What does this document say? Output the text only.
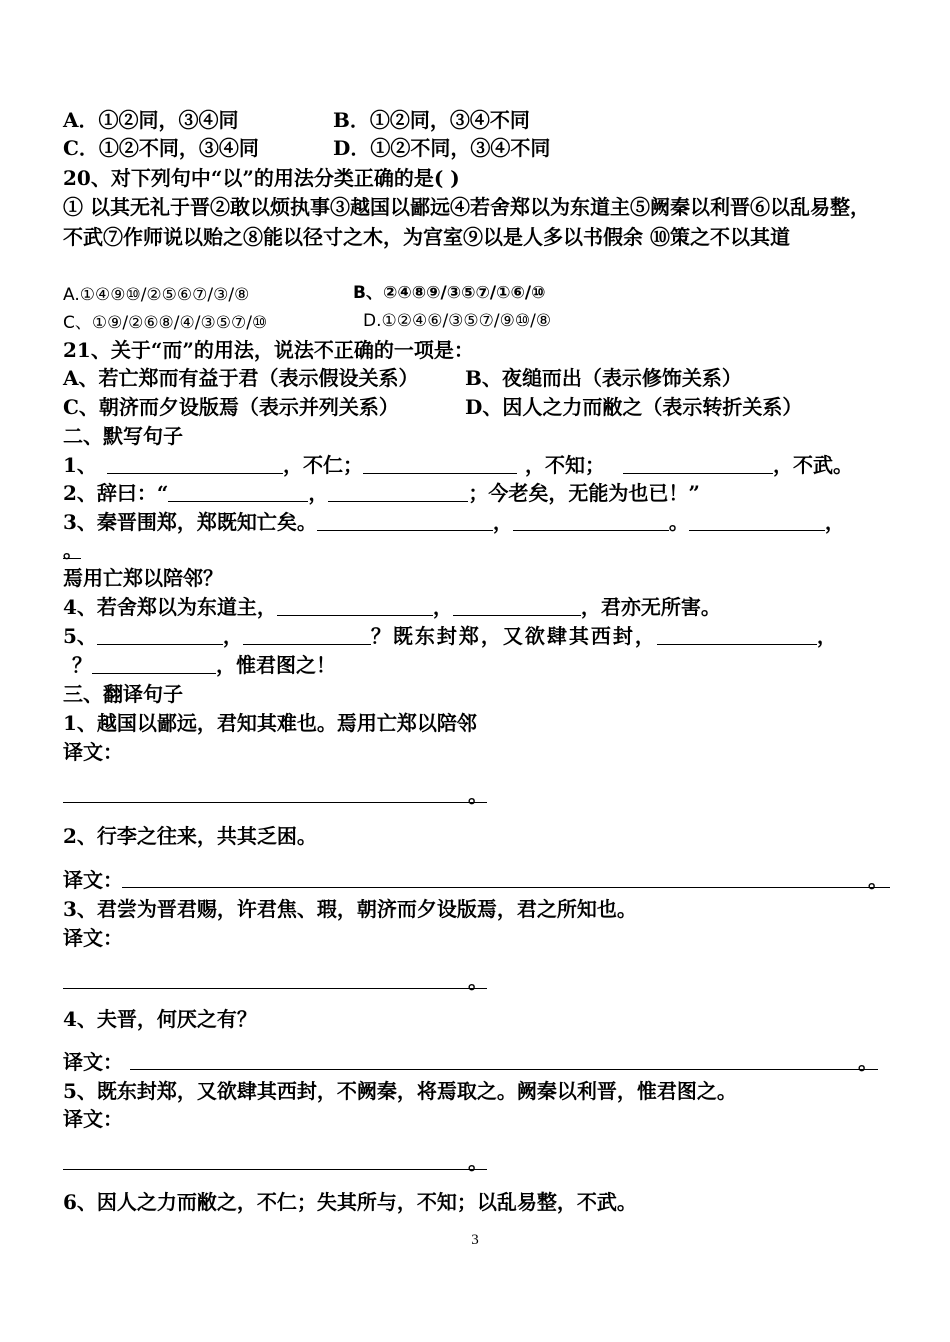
A．①②同，③④同	B．①②同，③④不同
C．①②不同，③④同	D．①②不同，③④不同
20、对下列句中“以”的用法分类正确的是( )
① 以其无礼于晋②敢以烦执事③越国以鄙远④若舍郑以为东道主⑤阙秦以利晋⑥以乱易整，不武⑦作师说以贻之⑧能以径寸之木，为宫室⑨以是人多以书假余 ⑩策之不以其道
A.①④⑨⑩/②⑤⑥⑦/③/⑧	B、②④⑧⑨/③⑤⑦/①⑥/⑩
C、①⑨/②⑥⑧/④/③⑤⑦/⑩	D.①②④⑥/③⑤⑦/⑨⑩/⑧
21、关于“而”的用法，说法不正确的一项是：
A、若亡郑而有益于君（表示假设关系） B、夜缒而出（表示修饰关系）
C、朝济而夕设版焉（表示并列关系）	D、因人之力而敝之（表示转折关系）
二、默写句子
1、	，不仁；	，不知；	，不武。
2、辞曰：“	，	；今老矣，无能为也已！”
3、秦晋围郑，郑既知亡矣。	，	。	，
。
焉用亡郑以陪邻？
4、若舍郑以为东道主，	，	，君亦无所害。
5、	，	？既东封郑，又欲肆其西封，	，
？	，惟君图之！
三、翻译句子
1、越国以鄙远，君知其难也。焉用亡郑以陪邻
译文：
。
2、行李之往来，共其乏困。
译文：	。
3、君尝为晋君赐，许君焦、瑕，朝济而夕设版焉，君之所知也。
译文：
。
4、夫晋，何厌之有？
译文：	。
5、既东封郑，又欲肆其西封，不阙秦，将焉取之。阙秦以利晋，惟君图之。
译文：
。
6、因人之力而敝之，不仁；失其所与，不知；以乱易整，不武。
3
